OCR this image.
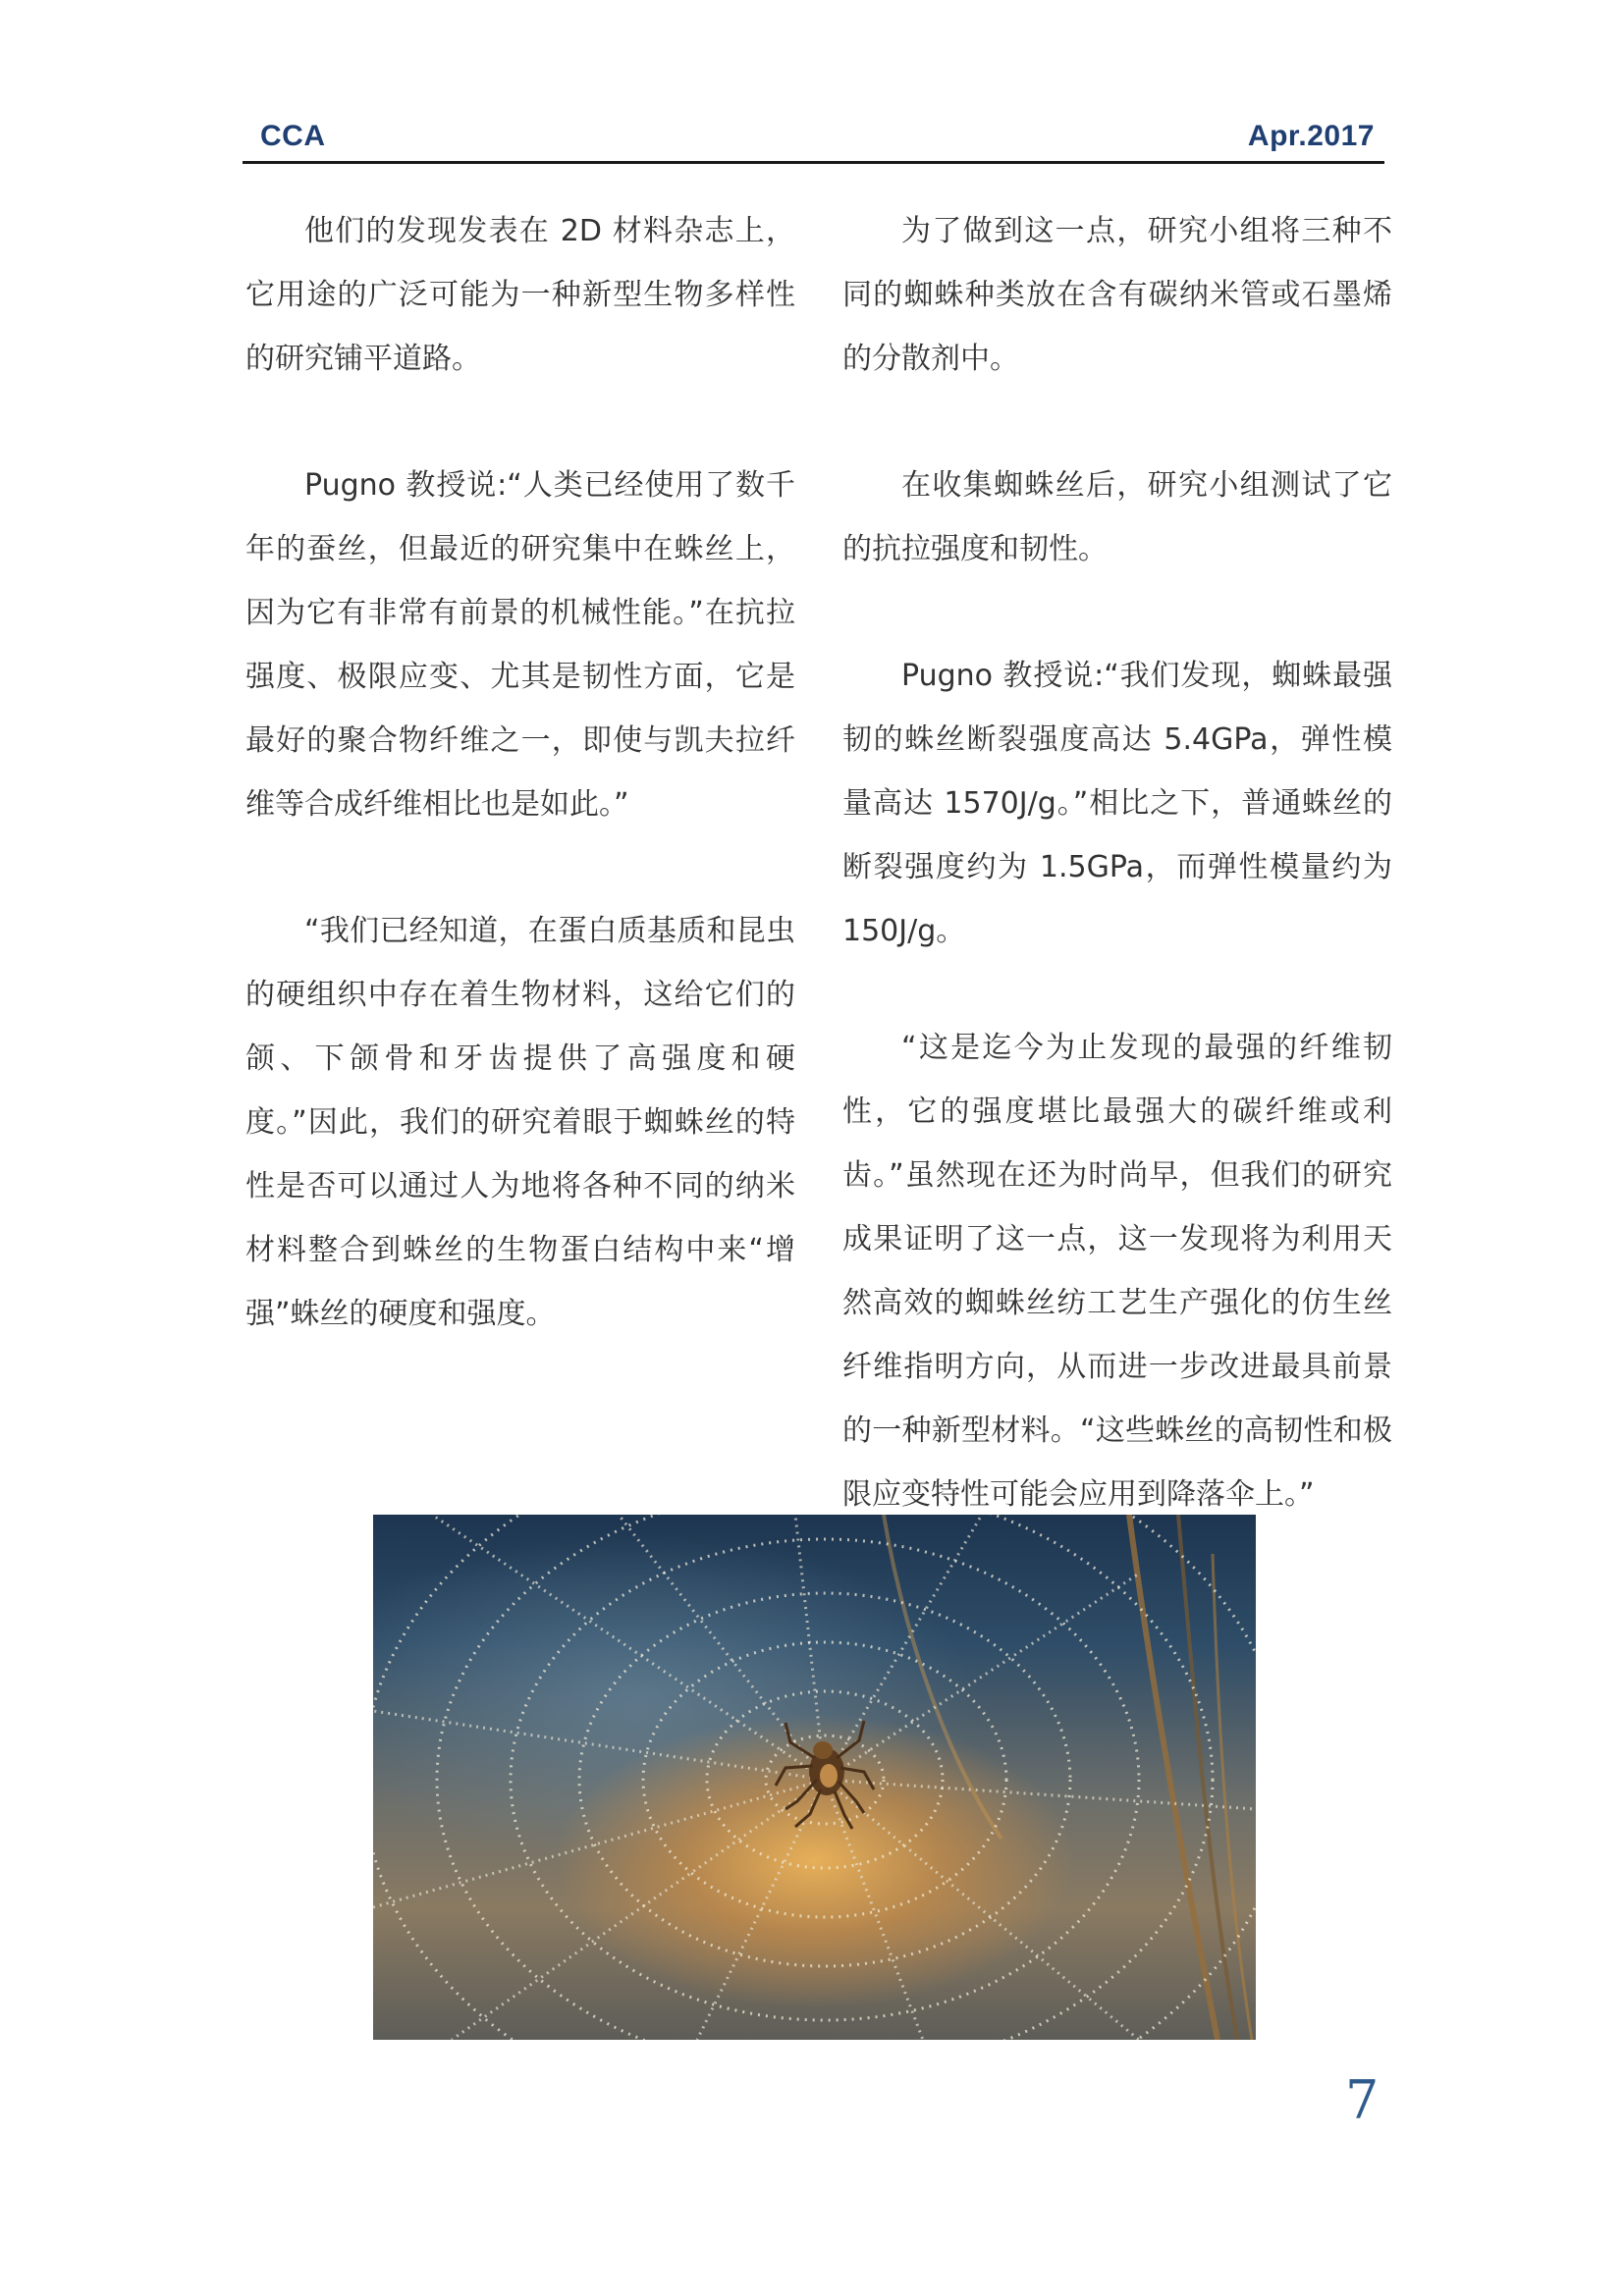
CCA	Apr.2017

他们的发现发表在 2D 材料杂志上，它用途的广泛可能为一种新型生物多样性的研究铺平道路。

Pugno 教授说:“人类已经使用了数千年的蚕丝，但最近的研究集中在蛛丝上，因为它有非常有前景的机械性能。”在抗拉强度、极限应变、尤其是韧性方面，它是最好的聚合物纤维之一，即使与凯夫拉纤维等合成纤维相比也是如此。”

“我们已经知道，在蛋白质基质和昆虫的硬组织中存在着生物材料，这给它们的颌、下颌骨和牙齿提供了高强度和硬度。”因此，我们的研究着眼于蜘蛛丝的特性是否可以通过人为地将各种不同的纳米材料整合到蛛丝的生物蛋白结构中来“增强”蛛丝的硬度和强度。

为了做到这一点，研究小组将三种不同的蜘蛛种类放在含有碳纳米管或石墨烯的分散剂中。

在收集蜘蛛丝后，研究小组测试了它的抗拉强度和韧性。

Pugno 教授说:“我们发现，蜘蛛最强韧的蛛丝断裂强度高达 5.4GPa，弹性模量高达 1570J/g。”相比之下，普通蛛丝的断裂强度约为 1.5GPa，而弹性模量约为 150J/g。

“这是迄今为止发现的最强的纤维韧性，它的强度堪比最强大的碳纤维或利齿。”虽然现在还为时尚早，但我们的研究成果证明了这一点，这一发现将为利用天然高效的蜘蛛丝纺工艺生产强化的仿生丝纤维指明方向，从而进一步改进最具前景的一种新型材料。“这些蛛丝的高韧性和极限应变特性可能会应用到降落伞上。”

7
